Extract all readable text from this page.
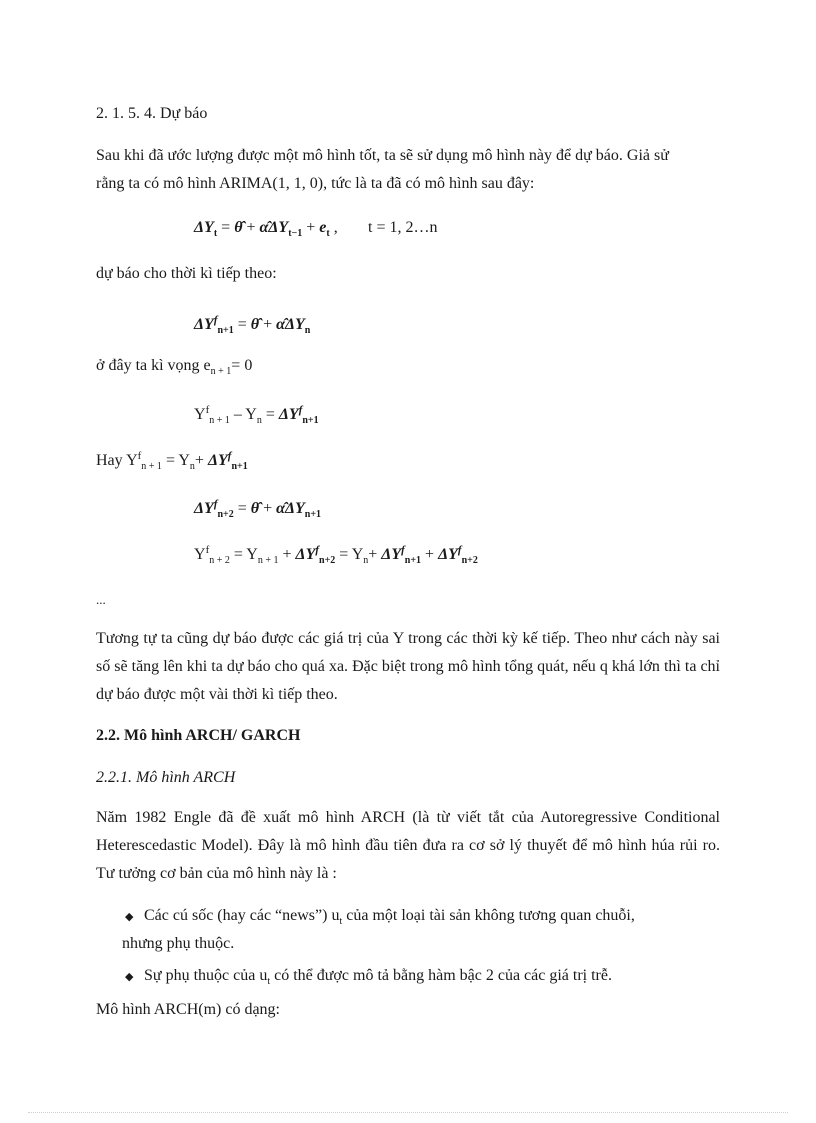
2. 1. 5. 4. Dự báo
Sau khi đã ước lượng được một mô hình tốt, ta sẽ sử dụng mô hình này để dự báo. Giả sử
rằng ta có mô hình ARIMA(1, 1, 0), tức là ta đã có mô hình sau đây:
$\Delta Y_t$ = θ̂ + $\alphâ\Delta Y_{t-1} + e_t$ , t = 1, 2…n
dự báo cho thời kì tiếp theo:
$\Delta Y^f_{n+1}$ = θ̂ + $\alphâ\Delta Y_n$
ở đây ta kì vọng $e_{n + 1}= 0$
$Y^f_{n + 1} - Y_n = \Delta Y^f_{n+1}$
Hay $Y^f_{n + 1} = Y_n+ \Delta Y^f_{n+1}$
$\Delta Y^f_{n+2}$ = θ̂ + $\alphâ\Delta Y_{n+1}$
$Y^f_{n + 2} = Y_{n + 1} + \Delta Y^f_{n+2} = Y_n+ \Delta Y^f_{n+1} + \Delta Y^f_{n+2}$
...
Tương tự ta cũng dự báo được các giá trị của Y trong các thời kỳ kế tiếp. Theo như cách này sai số sẽ tăng lên khi ta dự báo cho quá xa. Đặc biệt trong mô hình tổng quát, nếu q khá lớn thì ta chỉ dự báo được một vài thời kì tiếp theo.
2.2. Mô hình ARCH/ GARCH
2.2.1. Mô hình ARCH
Năm 1982 Engle đã đề xuất mô hình ARCH (là từ viết tắt của Autoregressive Conditional Heterescedastic Model). Đây là mô hình đầu tiên đưa ra cơ sở lý thuyết để mô hình húa rủi ro. Tư tưởng cơ bản của mô hình này là :
◆ Các cú sốc (hay các “news”) $u_t$ của một loại tài sản không tương quan chuỗi,
nhưng phụ thuộc.
◆ Sự phụ thuộc của $u_t$ có thể được mô tả bằng hàm bậc 2 của các giá trị trễ.
Mô hình ARCH(m) có dạng:
